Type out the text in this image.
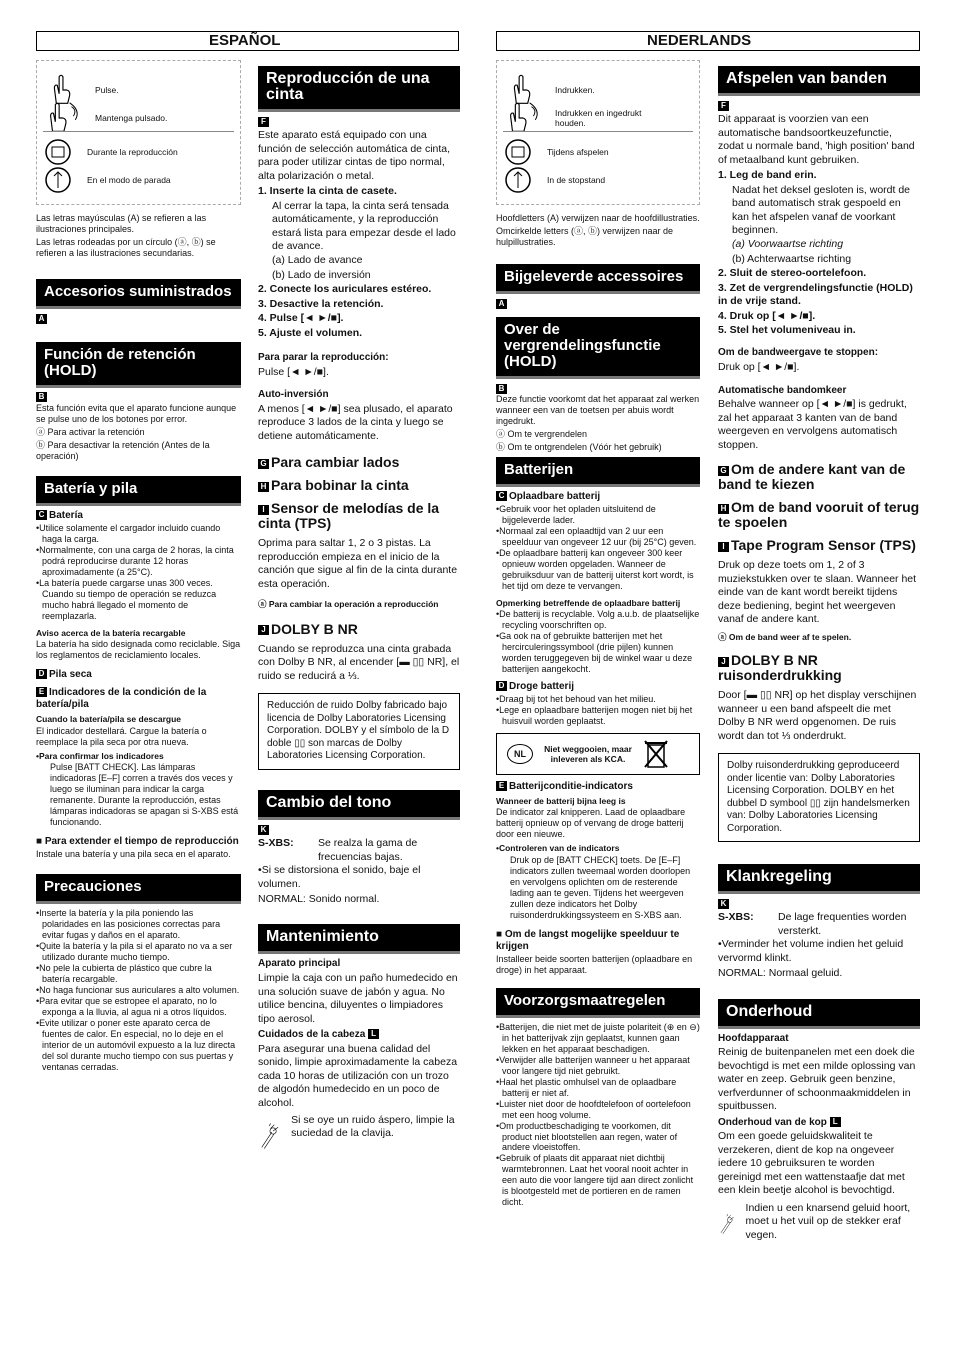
ESPAÑOL	NEDERLANDS
Pulse.
Mantenga pulsado.
Durante la reproducción
En el modo de parada

Las letras mayúsculas (A) se refieren a las ilustraciones principales.

Las letras rodeadas por un círculo (ⓐ, ⓑ) se refieren a las ilustraciones secundarias.

Accesorios suministrados
A
Función de retención (HOLD)
B

Esta función evita que el aparato funcione aunque se pulse uno de los botones por error.

ⓐ Para activar la retención

ⓑ Para desactivar la retención (Antes de la operación)

Batería y pila
C Batería
• Utilice solamente el cargador incluido cuando haga la carga.
• Normalmente, con una carga de 2 horas, la cinta podrá reproducirse durante 12 horas aproximadamente (a 25°C).
• La batería puede cargarse unas 300 veces. Cuando su tiempo de operación se reduzca mucho habrá llegado el momento de reemplazarla.
Aviso acerca de la batería recargable

La batería ha sido designada como reciclable. Siga los reglamentos de reciclamiento locales.

D Pila seca
E Indicadores de la condición de la batería/pila
Cuando la batería/pila se descargue

El indicador destellará. Cargue la batería o reemplace la pila seca por otra nueva.

•Para confirmar los indicadores

Pulse [BATT CHECK]. Las lámparas indicadoras [E–F] corren a través dos veces y luego se iluminan para indicar la carga remanente. Durante la reproducción, estas lámparas indicadoras se apagan si S-XBS está funcionando.

■ Para extender el tiempo de reproducción

Instale una batería y una pila seca en el aparato.

Precauciones
• Inserte la batería y la pila poniendo las polaridades en las posiciones correctas para evitar fugas y daños en el aparato.
• Quite la batería y la pila si el aparato no va a ser utilizado durante mucho tiempo.
• No pele la cubierta de plástico que cubre la batería recargable.
• No haga funcionar sus auriculares a alto volumen.
• Para evitar que se estropee el aparato, no lo exponga a la lluvia, al agua ni a otros líquidos.
• Evite utilizar o poner este aparato cerca de fuentes de calor. En especial, no lo deje en el interior de un automóvil expuesto a la luz directa del sol durante mucho tiempo con sus puertas y ventanas cerradas.
Reproducción de una cinta
F

Este aparato está equipado con una función de selección automática de cinta, para poder utilizar cintas de tipo normal, alta polarización o metal.

1. Inserte la cinta de casete.
Al cerrar la tapa, la cinta será tensada automáticamente, y la reproducción estará lista para empezar desde el lado de avance.
(a) Lado de avance
(b) Lado de inversión
2. Conecte los auriculares estéreo.
3. Desactive la retención.
4. Pulse [◄ ►/■].
5. Ajuste el volumen.
Para parar la reproducción:

Pulse [◄ ►/■].

Auto-inversión

A menos [◄ ►/■] sea plusado, el aparato reproduce 3 lados de la cinta y luego se detiene automáticamente.

G Para cambiar lados
H Para bobinar la cinta
I Sensor de melodías de la cinta (TPS)

Oprima para saltar 1, 2 o 3 pistas. La reproducción empieza en el inicio de la canción que sigue al fin de la cinta durante esta operación.

ⓐ Para cambiar la operación a reproducción

J DOLBY B NR

Cuando se reproduzca una cinta grabada con Dolby B NR, al encender [▬ ▯▯ NR], el ruido se reducirá a ⅓.

Reducción de ruido Dolby fabricado bajo licencia de Dolby Laboratories Licensing Corporation. DOLBY y el símbolo de la D doble ▯▯ son marcas de Dolby Laboratories Licensing Corporation.
Cambio del tono
K
S-XBS:	Se realza la gama de frecuencias bajas.

•Si se distorsiona el sonido, baje el volumen.

NORMAL: Sonido normal.

Mantenimiento
Aparato principal

Limpie la caja con un paño humedecido en una solución suave de jabón y agua. No utilice bencina, diluyentes o limpiadores tipo aerosol.

Cuidados de la cabeza L

Para asegurar una buena calidad del sonido, limpie aproximadamente la cabeza cada 10 horas de utilización con un trozo de algodón humedecido en un poco de alcohol.

Si se oye un ruido áspero, limpie la suciedad de la clavija.

Indrukken.
Indrukken en ingedrukt houden.
Tijdens afspelen
In de stopstand

Hoofdletters (A) verwijzen naar de hoofdillustraties.

Omcirkelde letters (ⓐ, ⓑ) verwijzen naar de hulpillustraties.

Bijgeleverde accessoires
A
Over de vergrendelingsfunctie (HOLD)
B

Deze functie voorkomt dat het apparaat zal werken wanneer een van de toetsen per abuis wordt ingedrukt.

ⓐ Om te vergrendelen

ⓑ Om te ontgrendelen (Vóór het gebruik)

Batterijen
C Oplaadbare batterij
• Gebruik voor het opladen uitsluitend de bijgeleverde lader.
• Normaal zal een oplaadtijd van 2 uur een speelduur van ongeveer 12 uur (bij 25°C) geven.
• De oplaadbare batterij kan ongeveer 300 keer opnieuw worden opgeladen. Wanneer de gebruiksduur van de batterij uiterst kort wordt, is het tijd om deze te vervangen.
Opmerking betreffende de oplaadbare batterij
• De batterij is recyclable. Volg a.u.b. de plaatselijke recycling voorschriften op.
• Ga ook na of gebruikte batterijen met het hercirculeringssymbool (drie pijlen) kunnen worden teruggegeven bij de winkel waar u deze batterijen aangekocht.
D Droge batterij
• Draag bij tot het behoud van het milieu.
• Lege en oplaadbare batterijen mogen niet bij het huisvuil worden geplaatst.
NL
Niet weggooien, maar inleveren als KCA.
E Batterijconditie-indicators
Wanneer de batterij bijna leeg is

De indicator zal knipperen. Laad de oplaadbare batterij opnieuw op of vervang de droge batterij door een nieuwe.

•Controleren van de indicators

Druk op de [BATT CHECK] toets. De [E–F] indicators zullen tweemaal worden doorlopen en vervolgens oplichten om de resterende lading aan te geven. Tijdens het weergeven zullen deze indicators het Dolby ruisonderdrukkingssysteem en S-XBS aan.

■ Om de langst mogelijke speelduur te krijgen

Installeer beide soorten batterijen (oplaadbare en droge) in het apparaat.

Voorzorgsmaatregelen
• Batterijen, die niet met de juiste polariteit (⊕ en ⊖) in het batterijvak zijn geplaatst, kunnen gaan lekken en het apparaat beschadigen.
• Verwijder alle batterijen wanneer u het apparaat voor langere tijd niet gebruikt.
• Haal het plastic omhulsel van de oplaadbare batterij er niet af.
• Luister niet door de hoofdtelefoon of oortelefoon met een hoog volume.
• Om productbeschadiging te voorkomen, dit product niet blootstellen aan regen, water of andere vloeistoffen.
• Gebruik of plaats dit apparaat niet dichtbij warmtebronnen. Laat het vooral nooit achter in een auto die voor langere tijd aan direct zonlicht is blootgesteld met de portieren en de ramen dicht.
Afspelen van banden
F

Dit apparaat is voorzien van een automatische bandsoortkeuzefunctie, zodat u normale band, 'high position' band of metaalband kunt gebruiken.

1. Leg de band erin.
Nadat het deksel gesloten is, wordt de band automatisch strak gespoeld en kan het afspelen vanaf de voorkant beginnen.
(a) Voorwaartse richting
(b) Achterwaartse richting
2. Sluit de stereo-oortelefoon.
3. Zet de vergrendelingsfunctie (HOLD) in de vrije stand.
4. Druk op [◄ ►/■].
5. Stel het volumeniveau in.
Om de bandweergave te stoppen:

Druk op [◄ ►/■].

Automatische bandomkeer

Behalve wanneer op [◄ ►/■] is gedrukt, zal het apparaat 3 kanten van de band weergeven en vervolgens automatisch stoppen.

G Om de andere kant van de band te kiezen
H Om de band vooruit of terug te spoelen
I Tape Program Sensor (TPS)

Druk op deze toets om 1, 2 of 3 muziekstukken over te slaan. Wanneer het einde van de kant wordt bereikt tijdens deze bediening, begint het weergeven vanaf de andere kant.

ⓐ Om de band weer af te spelen.

J DOLBY B NR ruisonderdrukking

Door [▬ ▯▯ NR] op het display verschijnen wanneer u een band afspeelt die met Dolby B NR werd opgenomen. De ruis wordt dan tot ⅓ onderdrukt.

Dolby ruisonderdrukking geproduceerd onder licentie van: Dolby Laboratories Licensing Corporation. DOLBY en het dubbel D symbool ▯▯ zijn handelsmerken van: Dolby Laboratories Licensing Corporation.
Klankregeling
K
S-XBS:	De lage frequenties worden versterkt.

•Verminder het volume indien het geluid vervormd klinkt.

NORMAL: Normaal geluid.

Onderhoud
Hoofdapparaat

Reinig de buitenpanelen met een doek die bevochtigd is met een milde oplossing van water en zeep. Gebruik geen benzine, verfverdunner of schoonmaakmiddelen in spuitbussen.

Onderhoud van de kop L

Om een goede geluidskwaliteit te verzekeren, dient de kop na ongeveer iedere 10 gebruiksuren te worden gereinigd met een wattenstaafje dat met een klein beetje alcohol is bevochtigd.

Indien u een knarsend geluid hoort, moet u het vuil op de stekker eraf vegen.
